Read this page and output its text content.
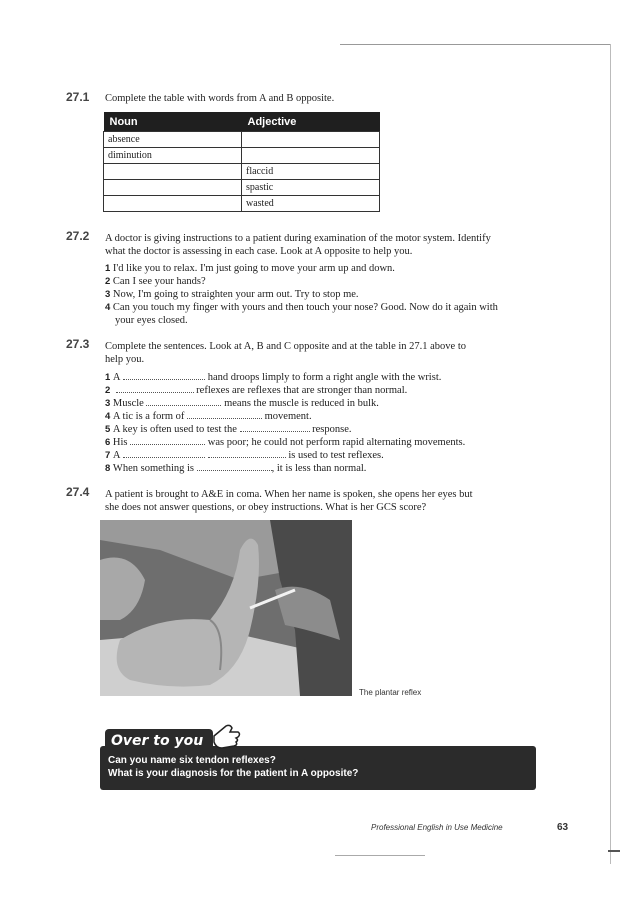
27.1 Complete the table with words from A and B opposite.
Noun	Adjective
absence	
diminution	
	flaccid
	spastic
	wasted
27.2 A doctor is giving instructions to a patient during examination of the motor system. Identify
what the doctor is assessing in each case. Look at A opposite to help you.
1 I'd like you to relax. I'm just going to move your arm up and down.
2 Can I see your hands?
3 Now, I'm going to straighten your arm out. Try to stop me.
4 Can you touch my finger with yours and then touch your nose? Good. Now do it again with
your eyes closed.
27.3 Complete the sentences. Look at A, B and C opposite and at the table in 27.1 above to
help you.
1 A	hand droops limply to form a right angle with the wrist.
2	reflexes are reflexes that are stronger than normal.
3 Muscle	means the muscle is reduced in bulk.
4 A tic is a form of	movement.
5 A key is often used to test the	response.
6 His	was poor; he could not perform rapid alternating movements.
7 A	is used to test reflexes.
8 When something is	, it is less than normal.
27.4 A patient is brought to A&E in coma. When her name is spoken, she opens her eyes but
she does not answer questions, or obey instructions. What is her GCS score?
The plantar reflex
Over to you
Can you name six tendon reflexes?
What is your diagnosis for the patient in A opposite?
Professional English in Use Medicine	63
